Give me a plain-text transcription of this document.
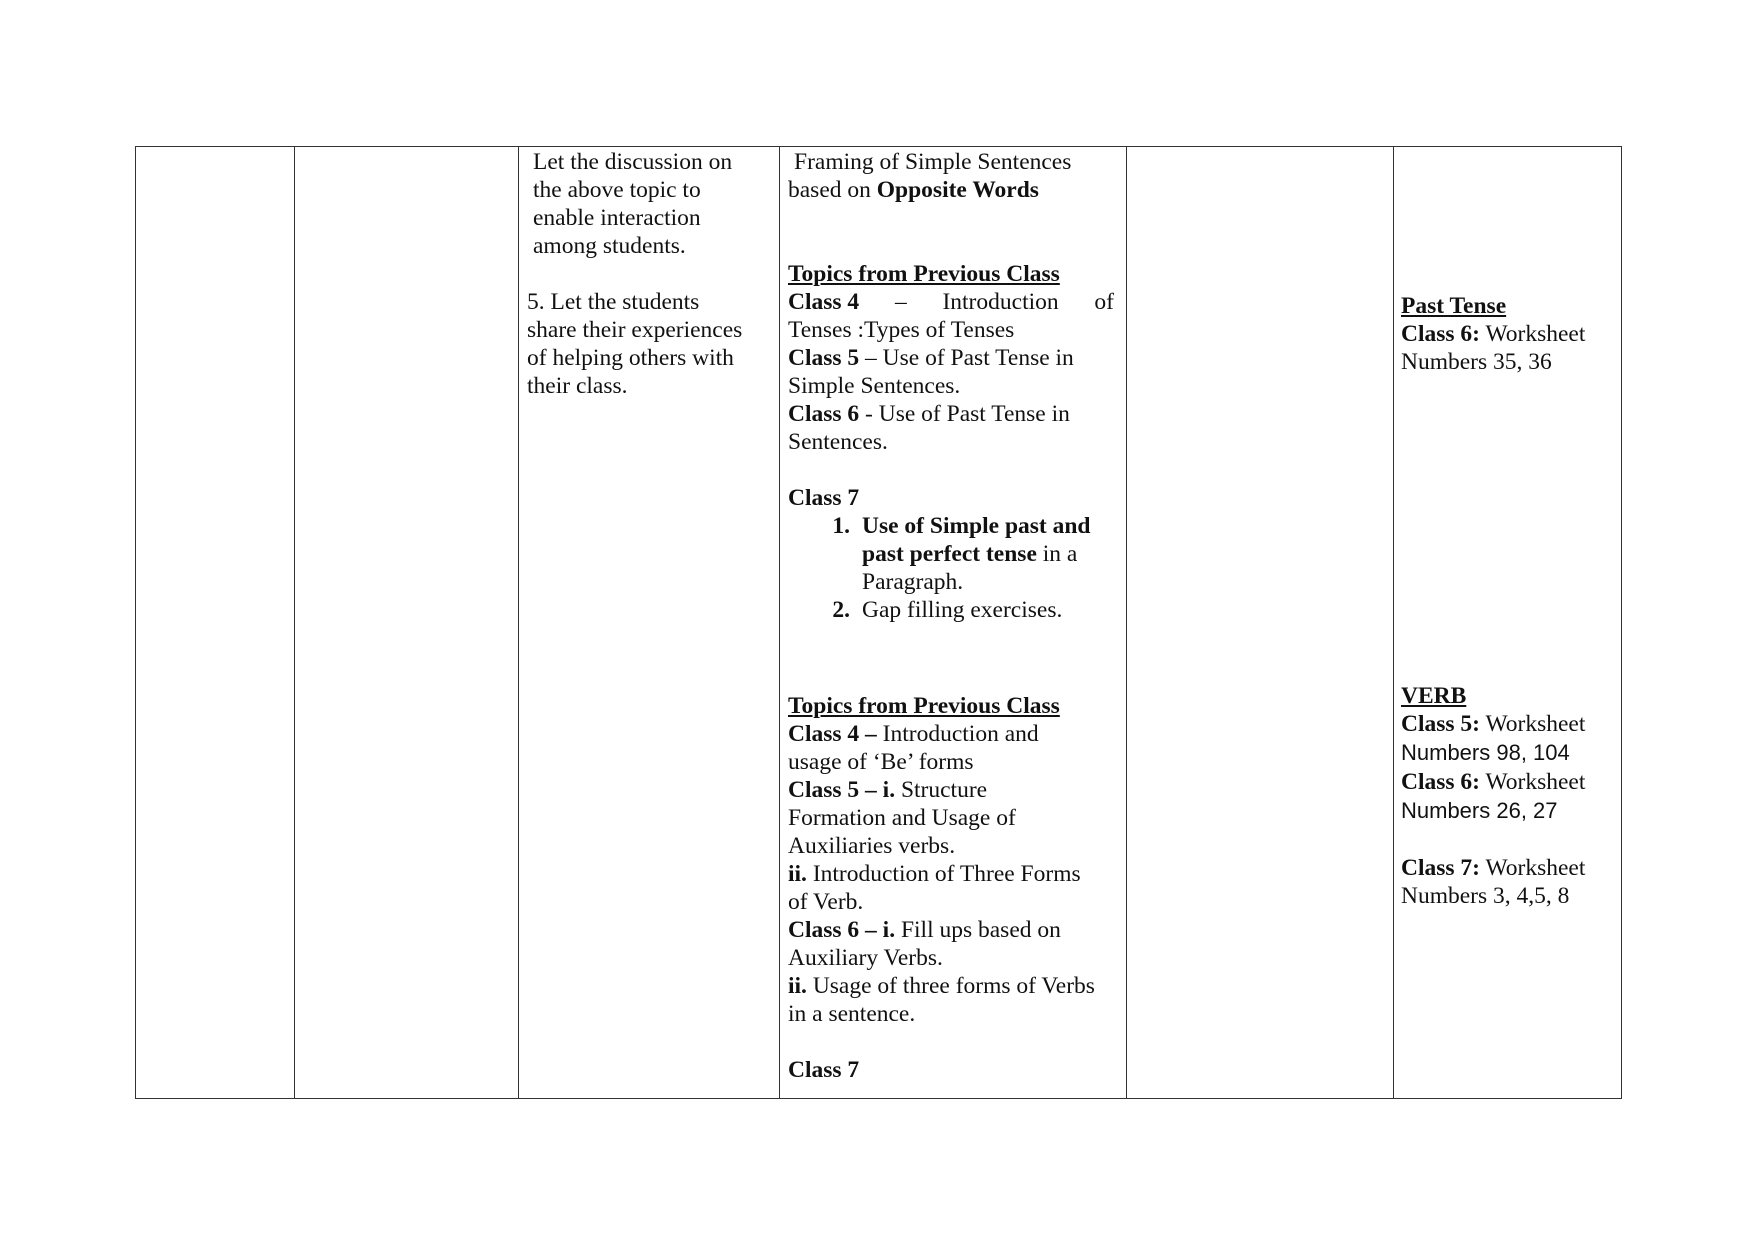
Let the discussion on

the above topic to

enable interaction

among students.

5. Let the students

share their experiences

of helping others with

their class.

Framing of Simple Sentences

based on Opposite Words

Topics from Previous Class

Class 4 – Introduction of

Tenses :Types of Tenses

Class 5 – Use of Past Tense in

Simple Sentences.

Class 6 - Use of Past Tense in

Sentences.

Class 7

1. Use of Simple past and past perfect tense in a Paragraph.
2. Gap filling exercises.

Topics from Previous Class

Class 4 – Introduction and

usage of ‘Be’ forms

Class 5 – i. Structure

Formation and Usage of

Auxiliaries verbs.

ii. Introduction of Three Forms

of Verb.

Class 6 – i. Fill ups based on

Auxiliary Verbs.

ii. Usage of three forms of Verbs

in a sentence.

Class 7

Past Tense

Class 6: Worksheet

Numbers 35, 36

VERB

Class 5: Worksheet

Numbers 98, 104

Class 6: Worksheet

Numbers 26, 27

Class 7: Worksheet

Numbers 3, 4,5, 8
